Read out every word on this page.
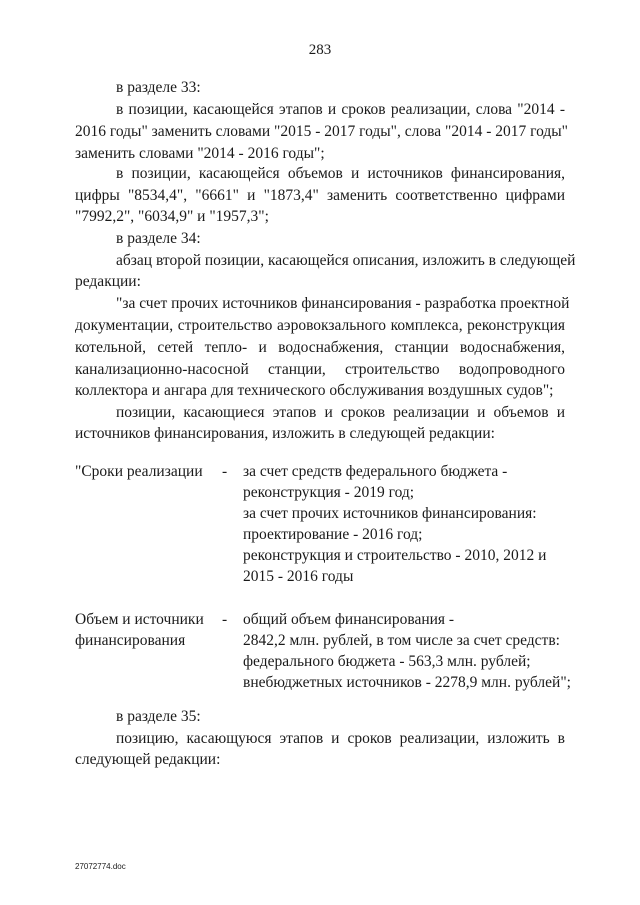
283
в разделе 33:
в позиции, касающейся этапов и сроков реализации, слова "2014 -
2016 годы" заменить словами "2015 - 2017 годы", слова "2014 - 2017 годы"
заменить словами "2014 - 2016 годы";
в позиции, касающейся объемов и источников финансирования,
цифры "8534,4", "6661" и "1873,4" заменить соответственно цифрами
"7992,2", "6034,9" и "1957,3";
в разделе 34:
абзац второй позиции, касающейся описания, изложить в следующей
редакции:
"за счет прочих источников финансирования - разработка проектной
документации, строительство аэровокзального комплекса, реконструкция
котельной, сетей тепло- и водоснабжения, станции водоснабжения,
канализационно-насосной станции, строительство водопроводного
коллектора и ангара для технического обслуживания воздушных судов";
позиции, касающиеся этапов и сроков реализации и объемов и
источников финансирования, изложить в следующей редакции:
"Сроки реализации - за счет средств федерального бюджета -
реконструкция - 2019 год;
за счет прочих источников финансирования:
проектирование - 2016 год;
реконструкция и строительство - 2010, 2012 и
2015 - 2016 годы
Объем и источники
финансирования
- общий объем финансирования -
2842,2 млн. рублей, в том числе за счет средств:
федерального бюджета - 563,3 млн. рублей;
внебюджетных источников - 2278,9 млн. рублей";
в разделе 35:
позицию, касающуюся этапов и сроков реализации, изложить в
следующей редакции:
27072774.doc
